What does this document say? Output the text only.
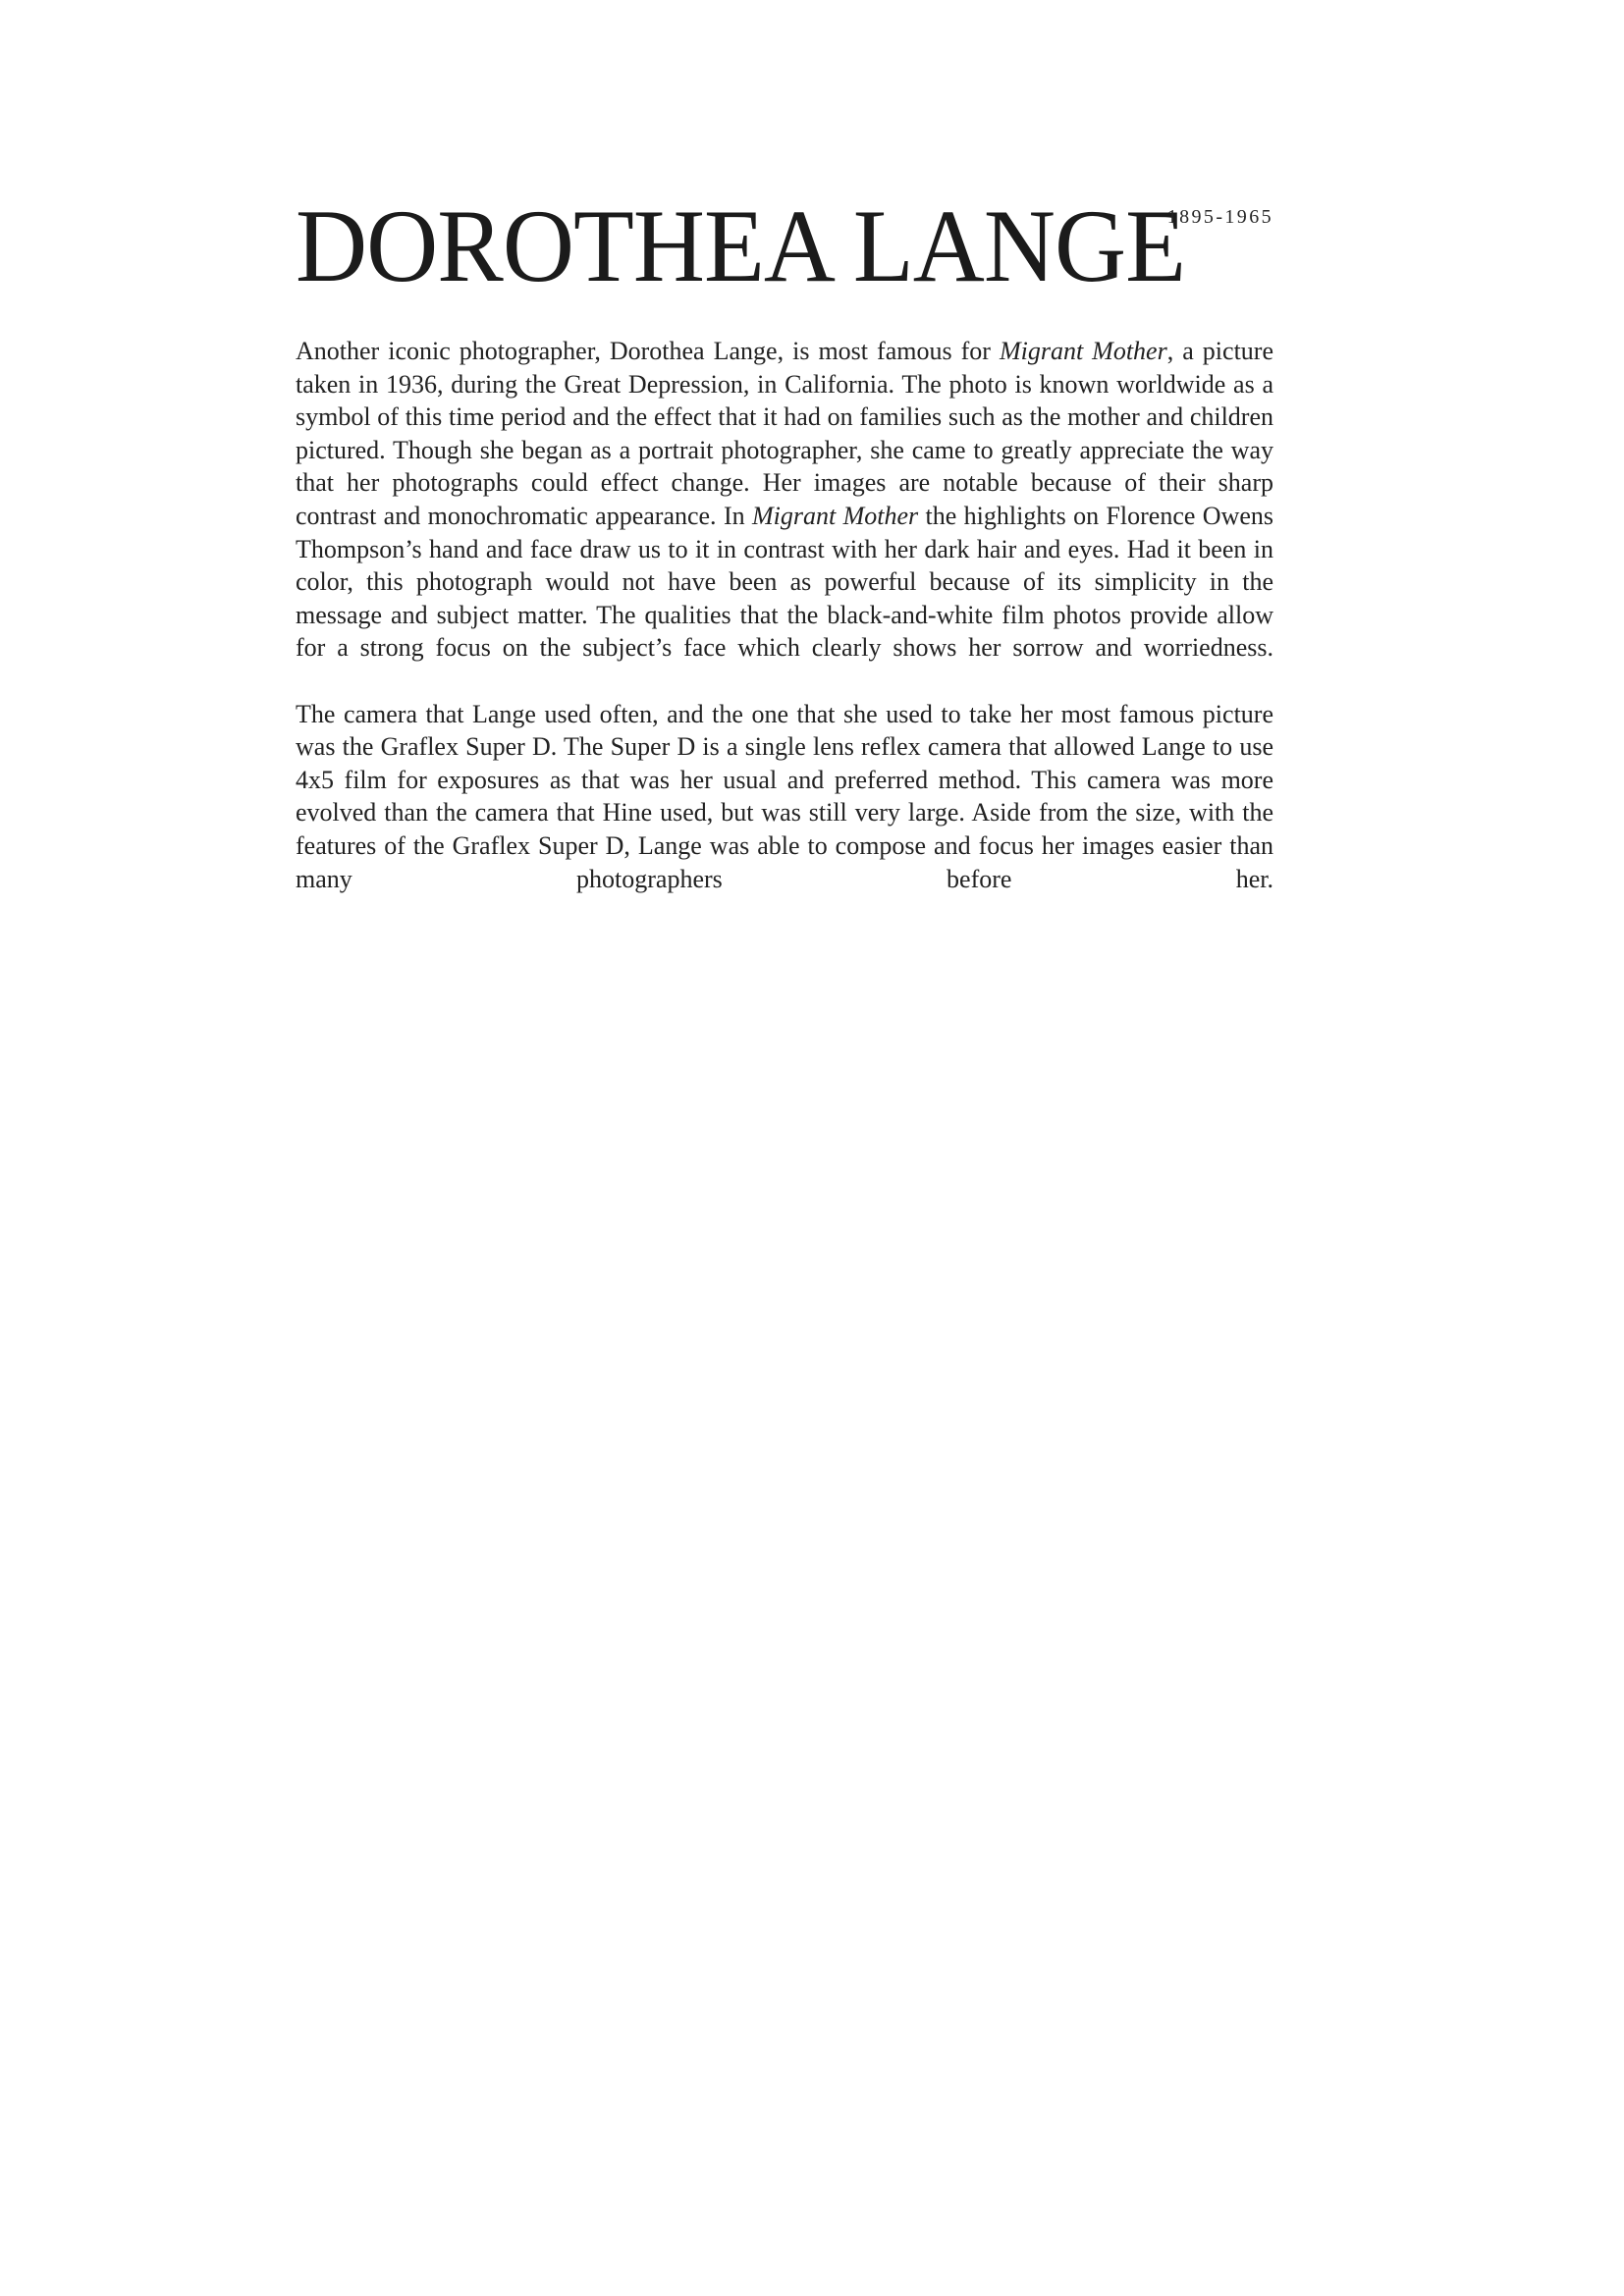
DOROTHEA LANGE
1895-1965

Another iconic photographer, Dorothea Lange, is most famous for Migrant Mother, a picture taken in 1936, during the Great Depression, in California. The photo is known worldwide as a symbol of this time period and the effect that it had on families such as the mother and children pictured. Though she began as a portrait photographer, she came to greatly appreciate the way that her photographs could effect change. Her images are notable because of their sharp contrast and monochromatic appearance. In Migrant Mother the highlights on Florence Owens Thompson’s hand and face draw us to it in contrast with her dark hair and eyes. Had it been in color, this photograph would not have been as powerful because of its simplicity in the message and subject matter. The qualities that the black-and-white film photos provide allow for a strong focus on the subject’s face which clearly shows her sorrow and worriedness.

The camera that Lange used often, and the one that she used to take her most famous picture was the Graflex Super D. The Super D is a single lens reflex camera that allowed Lange to use 4x5 film for exposures as that was her usual and preferred method. This camera was more evolved than the camera that Hine used, but was still very large. Aside from the size, with the features of the Graflex Super D, Lange was able to compose and focus her images easier than many photographers before her.
